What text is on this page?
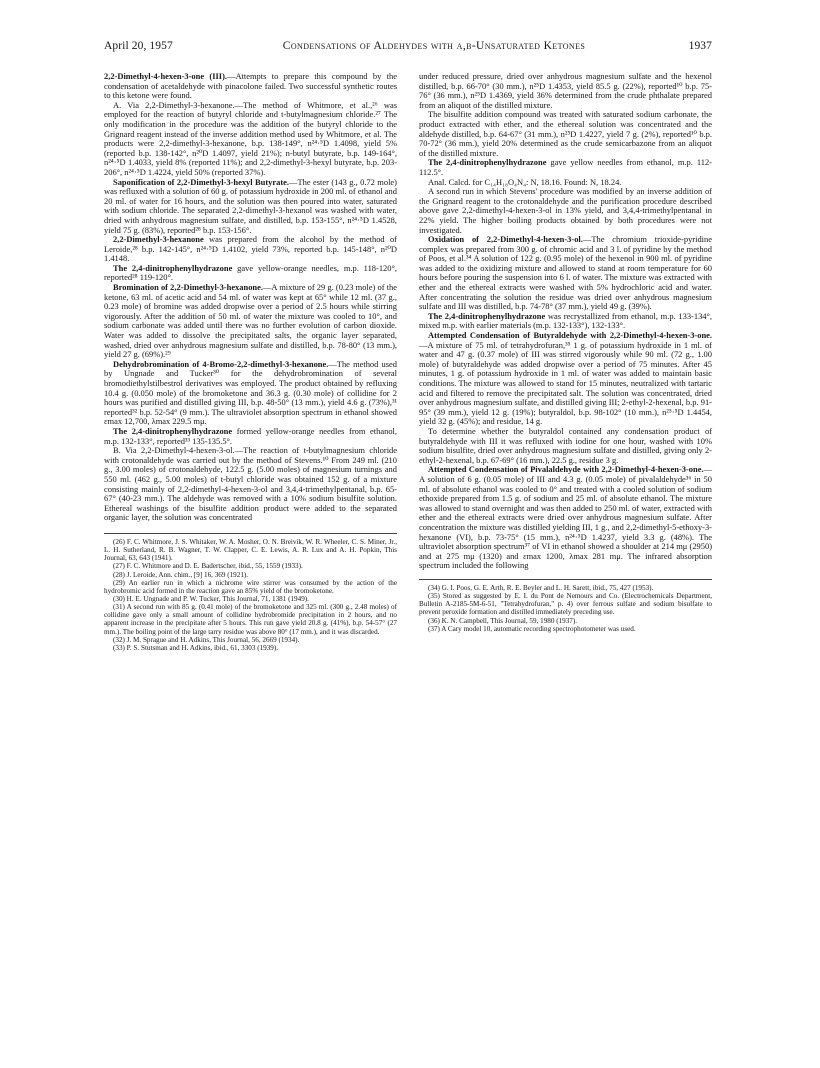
April 20, 1957	Condensations of Aldehydes with α,β-Unsaturated Ketones	1937

2,2-Dimethyl-4-hexen-3-one (III).—Attempts to prepare this compound by the condensation of acetaldehyde with pinacolone failed. Two successful synthetic routes to this ketone were found.

A. Via 2,2-Dimethyl-3-hexanone.—The method of Whitmore, et al.,²⁶ was employed for the reaction of butyryl chloride and t-butylmagnesium chloride.²⁷ The only modification in the procedure was the addition of the butyryl chloride to the Grignard reagent instead of the inverse addition method used by Whitmore, et al. The products were 2,2-dimethyl-3-hexanone, b.p. 138-149°, n²⁴·⁵D 1.4098, yield 5% (reported b.p. 138-142°, n²⁰D 1.4097, yield 21%); n-butyl butyrate, b.p. 149-164°, n²⁴·⁵D 1.4033, yield 8% (reported 11%); and 2,2-dimethyl-3-hexyl butyrate, b.p. 203-206°, n²⁴·⁵D 1.4224, yield 50% (reported 37%).

Saponification of 2,2-Dimethyl-3-hexyl Butyrate.—The ester (143 g., 0.72 mole) was refluxed with a solution of 60 g. of potassium hydroxide in 200 ml. of ethanol and 20 ml. of water for 16 hours, and the solution was then poured into water, saturated with sodium chloride. The separated 2,2-dimethyl-3-hexanol was washed with water, dried with anhydrous magnesium sulfate, and distilled, b.p. 153-155°, n²⁴·⁵D 1.4528, yield 75 g. (83%), reported²⁸ b.p. 153-156°.

2,2-Dimethyl-3-hexanone was prepared from the alcohol by the method of Leroide,²⁸ b.p. 142-145°, n²⁴·⁵D 1.4102, yield 73%, reported b.p. 145-148°, n²⁰D 1.4148.

The 2,4-dinitrophenylhydrazone gave yellow-orange needles, m.p. 118-120°, reported²⁸ 119-120°.

Bromination of 2,2-Dimethyl-3-hexanone.—A mixture of 29 g. (0.23 mole) of the ketone, 63 ml. of acetic acid and 54 ml. of water was kept at 65° while 12 ml. (37 g., 0.23 mole) of bromine was added dropwise over a period of 2.5 hours while stirring vigorously. After the addition of 50 ml. of water the mixture was cooled to 10°, and sodium carbonate was added until there was no further evolution of carbon dioxide. Water was added to dissolve the precipitated salts, the organic layer separated, washed, dried over anhydrous magnesium sulfate and distilled, b.p. 78-80° (13 mm.), yield 27 g. (69%).²⁹

Dehydrobromination of 4-Bromo-2,2-dimethyl-3-hexanone.—The method used by Ungnade and Tucker³⁰ for the dehydrobromination of several bromodiethylstilbestrol derivatives was employed. The product obtained by refluxing 10.4 g. (0.050 mole) of the bromoketone and 36.3 g. (0.30 mole) of collidine for 2 hours was purified and distilled giving III, b.p. 48-50° (13 mm.), yield 4.6 g. (73%),³¹ reported³² b.p. 52-54° (9 mm.). The ultraviolet absorption spectrum in ethanol showed εmax 12,700, λmax 229.5 mμ.

The 2,4-dinitrophenylhydrazone formed yellow-orange needles from ethanol, m.p. 132-133°, reported³³ 135-135.5°.

B. Via 2,2-Dimethyl-4-hexen-3-ol.—The reaction of t-butylmagnesium chloride with crotonaldehyde was carried out by the method of Stevens.¹⁰ From 249 ml. (210 g., 3.00 moles) of crotonaldehyde, 122.5 g. (5.00 moles) of magnesium turnings and 550 ml. (462 g., 5.00 moles) of t-butyl chloride was obtained 152 g. of a mixture consisting mainly of 2,2-dimethyl-4-hexen-3-ol and 3,4,4-trimethylpentanal, b.p. 65-67° (40-23 mm.). The aldehyde was removed with a 10% sodium bisulfite solution. Ethereal washings of the bisulfite addition product were added to the separated organic layer, the solution was concentrated

(26) F. C. Whitmore, J. S. Whitaker, W. A. Mosher, O. N. Breivik, W. R. Wheeler, C. S. Miner, Jr., L. H. Sutherland, R. B. Wagner, T. W. Clapper, C. E. Lewis, A. R. Lux and A. H. Popkin, This Journal, 63, 643 (1941).

(27) F. C. Whitmore and D. E. Badertscher, ibid., 55, 1559 (1933).

(28) J. Leroide, Ann. chim., [9] 16, 369 (1921).

(29) An earlier run in which a nichrome wire stirrer was consumed by the action of the hydrobromic acid formed in the reaction gave an 85% yield of the bromoketone.

(30) H. E. Ungnade and P. W. Tucker, This Journal, 71, 1381 (1949).

(31) A second run with 85 g. (0.41 mole) of the bromoketone and 325 ml. (300 g., 2.48 moles) of collidine gave only a small amount of collidine hydrobromide precipitation in 2 hours, and no apparent increase in the precipitate after 5 hours. This run gave yield 20.8 g. (41%), b.p. 54-57° (27 mm.). The boiling point of the large tarry residue was above 80° (17 mm.), and it was discarded.

(32) J. M. Sprague and H. Adkins, This Journal, 56, 2669 (1934).

(33) P. S. Stutsman and H. Adkins, ibid., 61, 3303 (1939).

under reduced pressure, dried over anhydrous magnesium sulfate and the hexenol distilled, b.p. 66-70° (30 mm.), n²⁵D 1.4353, yield 85.5 g. (22%), reported¹⁰ b.p. 75-76° (36 mm.), n²⁵D 1.4369, yield 36% determined from the crude phthalate prepared from an aliquot of the distilled mixture.

The bisulfite addition compound was treated with saturated sodium carbonate, the product extracted with ether, and the ethereal solution was concentrated and the aldehyde distilled, b.p. 64-67° (31 mm.), n²⁵D 1.4227, yield 7 g. (2%), reported¹⁰ b.p. 70-72° (36 mm.), yield 20% determined as the crude semicarbazone from an aliquot of the distilled mixture.

The 2,4-dinitrophenylhydrazone gave yellow needles from ethanol, m.p. 112-112.5°.

Anal. Calcd. for C₁₄H₁₈O₄N₄: N, 18.16. Found: N, 18.24.

A second run in which Stevens' procedure was modified by an inverse addition of the Grignard reagent to the crotonaldehyde and the purification procedure described above gave 2,2-dimethyl-4-hexen-3-ol in 13% yield, and 3,4,4-trimethylpentanal in 22% yield. The higher boiling products obtained by both procedures were not investigated.

Oxidation of 2,2-Dimethyl-4-hexen-3-ol.—The chromium trioxide-pyridine complex was prepared from 300 g. of chromic acid and 3 l. of pyridine by the method of Poos, et al.³⁴ A solution of 122 g. (0.95 mole) of the hexenol in 900 ml. of pyridine was added to the oxidizing mixture and allowed to stand at room temperature for 60 hours before pouring the suspension into 6 l. of water. The mixture was extracted with ether and the ethereal extracts were washed with 5% hydrochloric acid and water. After concentrating the solution the residue was dried over anhydrous magnesium sulfate and III was distilled, b.p. 74-78° (37 mm.), yield 49 g. (39%).

The 2,4-dinitrophenylhydrazone was recrystallized from ethanol, m.p. 133-134°, mixed m.p. with earlier materials (m.p. 132-133°), 132-133°.

Attempted Condensation of Butyraldehyde with 2,2-Dimethyl-4-hexen-3-one.—A mixture of 75 ml. of tetrahydrofuran,³⁵ 1 g. of potassium hydroxide in 1 ml. of water and 47 g. (0.37 mole) of III was stirred vigorously while 90 ml. (72 g., 1.00 mole) of butyraldehyde was added dropwise over a period of 75 minutes. After 45 minutes, 1 g. of potassium hydroxide in 1 ml. of water was added to maintain basic conditions. The mixture was allowed to stand for 15 minutes, neutralized with tartaric acid and filtered to remove the precipitated salt. The solution was concentrated, dried over anhydrous magnesium sulfate, and distilled giving III; 2-ethyl-2-hexenal, b.p. 91-95° (39 mm.), yield 12 g. (19%); butyraldol, b.p. 98-102° (10 mm.), n²⁵·⁵D 1.4454, yield 32 g. (45%); and residue, 14 g.

To determine whether the butyraldol contained any condensation product of butyraldehyde with III it was refluxed with iodine for one hour, washed with 10% sodium bisulfite, dried over anhydrous magnesium sulfate and distilled, giving only 2-ethyl-2-hexenal, b.p. 67-69° (16 mm.), 22.5 g., residue 3 g.

Attempted Condensation of Pivalaldehyde with 2,2-Dimethyl-4-hexen-3-one.—A solution of 6 g. (0.05 mole) of III and 4.3 g. (0.05 mole) of pivalaldehyde³⁶ in 50 ml. of absolute ethanol was cooled to 0° and treated with a cooled solution of sodium ethoxide prepared from 1.5 g. of sodium and 25 ml. of absolute ethanol. The mixture was allowed to stand overnight and was then added to 250 ml. of water, extracted with ether and the ethereal extracts were dried over anhydrous magnesium sulfate. After concentration the mixture was distilled yielding III, 1 g., and 2,2-dimethyl-5-ethoxy-3-hexanone (VI), b.p. 73-75° (15 mm.), n²⁴·⁵D 1.4237, yield 3.3 g. (48%). The ultraviolet absorption spectrum³⁷ of VI in ethanol showed a shoulder at 214 mμ (2950) and at 275 mμ (1320) and εmax 1200, λmax 281 mμ. The infrared absorption spectrum included the following

(34) G. I. Poos, G. E. Arth, R. E. Beyler and L. H. Sarett, ibid., 75, 427 (1953).

(35) Stored as suggested by E. I. du Pont de Nemours and Co. (Electrochemicals Department, Bulletin A-2185-5M-6-51, "Tetrahydrofuran," p. 4) over ferrous sulfate and sodium bisulfate to prevent peroxide formation and distilled immediately preceding use.

(36) K. N. Campbell, This Journal, 59, 1980 (1937).

(37) A Cary model 10, automatic recording spectrophotometer was used.
